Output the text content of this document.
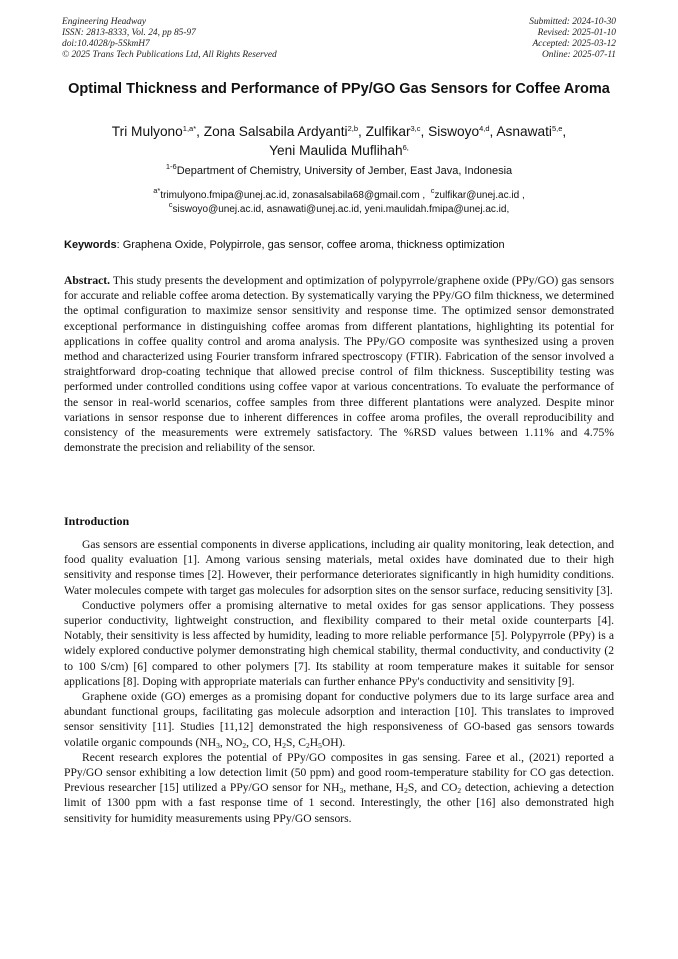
Engineering Headway
ISSN: 2813-8333, Vol. 24, pp 85-97
doi:10.4028/p-5SkmH7
© 2025 Trans Tech Publications Ltd, All Rights Reserved
Submitted: 2024-10-30
Revised: 2025-01-10
Accepted: 2025-03-12
Online: 2025-07-11
Optimal Thickness and Performance of PPy/GO Gas Sensors for Coffee Aroma
Tri Mulyono$^{1,a*}$, Zona Salsabila Ardyanti$^{2,b}$, Zulfikar$^{3,c}$, Siswoyo$^{4,d}$, Asnawati$^{5,e}$,
Yeni Maulida Muflihah$^{6,}$
$^{1-6}$Department of Chemistry, University of Jember, East Java, Indonesia
$^{a*}$trimulyono.fmipa@unej.ac.id, zonasalsabila68@gmail.com , $^c$zulfikar@unej.ac.id ,
$^c$siswoyo@unej.ac.id, asnawati@unej.ac.id, yeni.maulidah.fmipa@unej.ac.id,
Keywords: Graphena Oxide, Polypirrole, gas sensor, coffee aroma, thickness optimization
Abstract. This study presents the development and optimization of polypyrrole/graphene oxide (PPy/GO) gas sensors for accurate and reliable coffee aroma detection. By systematically varying the PPy/GO film thickness, we determined the optimal configuration to maximize sensor sensitivity and response time. The optimized sensor demonstrated exceptional performance in distinguishing coffee aromas from different plantations, highlighting its potential for applications in coffee quality control and aroma analysis. The PPy/GO composite was synthesized using a proven method and characterized using Fourier transform infrared spectroscopy (FTIR). Fabrication of the sensor involved a straightforward drop-coating technique that allowed precise control of film thickness. Susceptibility testing was performed under controlled conditions using coffee vapor at various concentrations. To evaluate the performance of the sensor in real-world scenarios, coffee samples from three different plantations were analyzed. Despite minor variations in sensor response due to inherent differences in coffee aroma profiles, the overall reproducibility and consistency of the measurements were extremely satisfactory. The %RSD values between 1.11% and 4.75% demonstrate the precision and reliability of the sensor.
Introduction

Gas sensors are essential components in diverse applications, including air quality monitoring, leak detection, and food quality evaluation [1]. Among various sensing materials, metal oxides have dominated due to their high sensitivity and response times [2]. However, their performance deteriorates significantly in high humidity conditions. Water molecules compete with target gas molecules for adsorption sites on the sensor surface, reducing sensitivity [3].

Conductive polymers offer a promising alternative to metal oxides for gas sensor applications. They possess superior conductivity, lightweight construction, and flexibility compared to their metal oxide counterparts [4]. Notably, their sensitivity is less affected by humidity, leading to more reliable performance [5]. Polypyrrole (PPy) is a widely explored conductive polymer demonstrating high chemical stability, thermal conductivity, and conductivity (2 to 100 S/cm) [6] compared to other polymers [7]. Its stability at room temperature makes it suitable for sensor applications [8]. Doping with appropriate materials can further enhance PPy's conductivity and sensitivity [9].

Graphene oxide (GO) emerges as a promising dopant for conductive polymers due to its large surface area and abundant functional groups, facilitating gas molecule adsorption and interaction [10]. This translates to improved sensor sensitivity [11]. Studies [11,12] demonstrated the high responsiveness of GO-based gas sensors towards volatile organic compounds ($NH_3$, $NO_2$, CO, $H_2S$, $C_2H_5OH$).

Recent research explores the potential of PPy/GO composites in gas sensing. Faree et al., (2021) reported a PPy/GO sensor exhibiting a low detection limit (50 ppm) and good room-temperature stability for CO gas detection. Previous researcher [15] utilized a PPy/GO sensor for $NH_3$, methane, $H_2S$, and $CO_2$ detection, achieving a detection limit of 1300 ppm with a fast response time of 1 second. Interestingly, the other [16] also demonstrated high sensitivity for humidity measurements using PPy/GO sensors.
